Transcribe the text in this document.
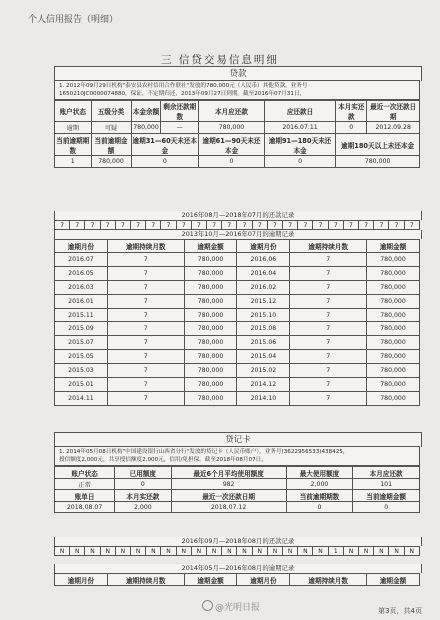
个人信用报告（明细）
三 信贷交易信息明细
贷款
1. 2012年09月29日机构"泰安县农村信用合作联社"发放的780,000元（人民币）其他贷款，业务号
1650210JC0000074880，保证，不定期归还，2013年09月27日到期。截至2016年07月31日，
账户状态	五级分类	本金余额	剩余还款期数	本月应还款	应还款日	本月实还款	最近一次还款日期
逾期	可疑	780,000	—	780,000	2016.07.11	0	2012.09.28
当前逾期期数	当前逾期金额	逾期31—60天未还本金		逾期61—90天未还本金	逾期91—180天未还本金	逾期180天以上未还本金	
1	780,000	0		0	0	780,000	
2016年08月—2018年07月的还款记录
7	7	7	7	7	7	7	7	7	7	7	7	7	7	7	7	7	7	7	7	7	7	7	7
2013年10月—2016年07月的逾期记录
逾期月份	逾期持续月数	逾期金额	逾期月份	逾期持续月数	逾期金额
2016.07	7	780,000	2016.06	7	780,000
2016.05	7	780,000	2016.04	7	780,000
2016.03	7	780,000	2016.02	7	780,000
2016.01	7	780,000	2015.12	7	780,000
2015.11	7	780,000	2015.10	7	780,000
2015.09	7	780,000	2015.08	7	780,000
2015.07	7	780,000	2015.06	7	780,000
2015.05	7	780,000	2015.04	7	780,000
2015.03	7	780,000	2015.02	7	780,000
2015.01	7	780,000	2014.12	7	780,000
2014.11	7	780,000	2014.10	7	780,000
贷记卡
1. 2014年05月08日机构"中国建设银行山西省分行"发放的贷记卡（人民币账户），业务号(3622956533)438425，
授信额度2,000元，共享授信额度2,000元，信用/免担保。截至2018年08月07日，
账户状态	已用额度	最近6个月平均使用额度	最大使用额度	本月应还款
正常	0	982	2,000	101
账单日	本月实还款	最近一次还款日期	当前逾期期数	当前逾期金额
2018.08.07	2,000	2018.07.12	0	0
2016年09月—2018年08月的还款记录
N	N	N	N	N	N	N	N	N	N	N	N	N	N	N	N	N	N	1	N	N	N	N	N
2014年05月—2016年08月的逾期记录
逾期月份	逾期持续月数	逾期金额	逾期月份	逾期持续月数	逾期金额
@光明日报	第3页，共4页
